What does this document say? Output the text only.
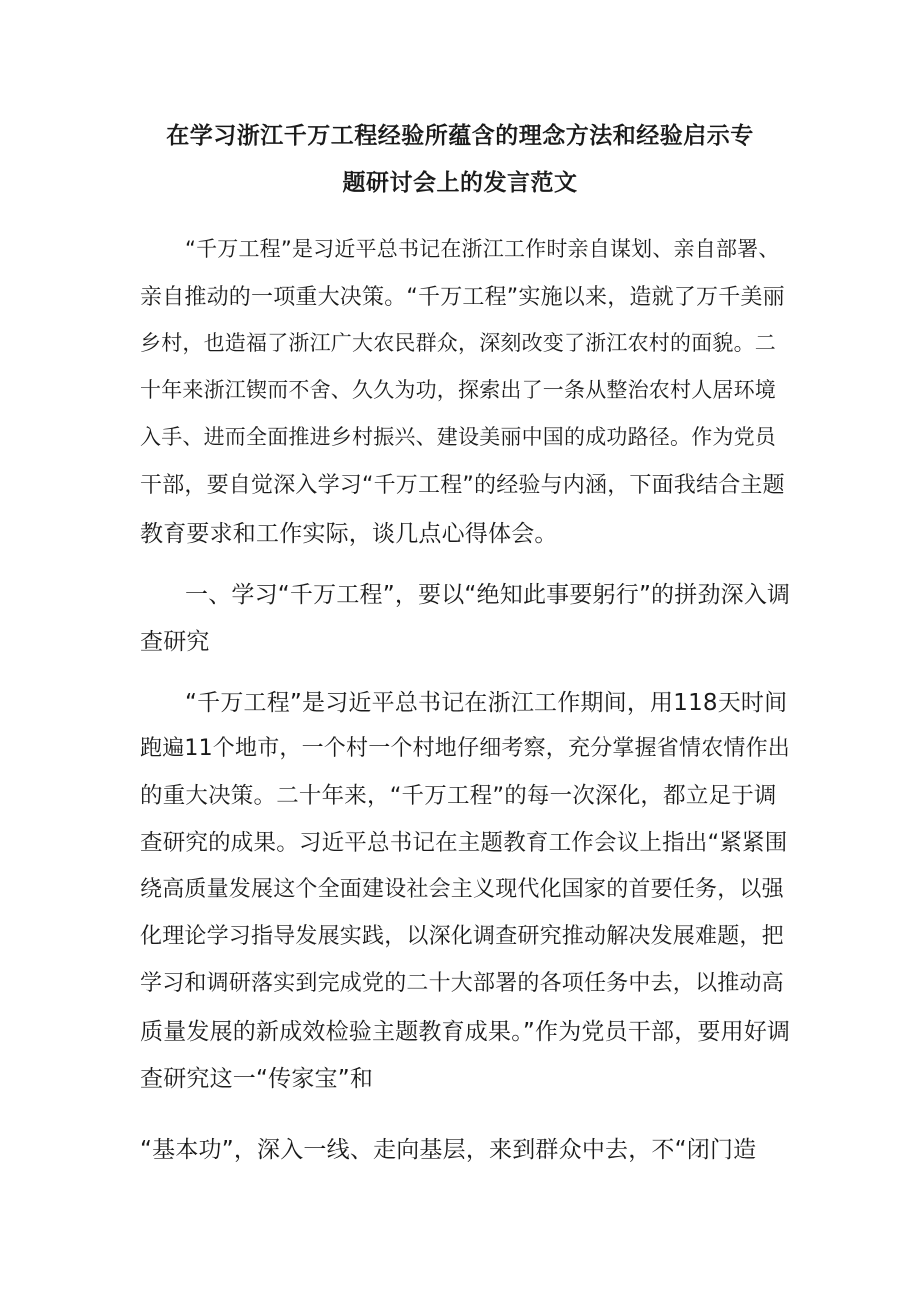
在学习浙江千万工程经验所蕴含的理念方法和经验启示专
题研讨会上的发言范文
“千万工程”是习近平总书记在浙江工作时亲自谋划、亲自部署、
亲自推动的一项重大决策。“千万工程”实施以来，造就了万千美丽
乡村，也造福了浙江广大农民群众，深刻改变了浙江农村的面貌。二
十年来浙江锲而不舍、久久为功，探索出了一条从整治农村人居环境
入手、进而全面推进乡村振兴、建设美丽中国的成功路径。作为党员
干部，要自觉深入学习“千万工程”的经验与内涵，下面我结合主题
教育要求和工作实际，谈几点心得体会。
一、学习“千万工程”，要以“绝知此事要躬行”的拼劲深入调
查研究
“千万工程”是习近平总书记在浙江工作期间，用118天时间
跑遍11个地市，一个村一个村地仔细考察，充分掌握省情农情作出
的重大决策。二十年来，“千万工程”的每一次深化，都立足于调
查研究的成果。习近平总书记在主题教育工作会议上指出“紧紧围
绕高质量发展这个全面建设社会主义现代化国家的首要任务，以强
化理论学习指导发展实践，以深化调查研究推动解决发展难题，把
学习和调研落实到完成党的二十大部署的各项任务中去，以推动高
质量发展的新成效检验主题教育成果。”作为党员干部，要用好调
查研究这一“传家宝”和
“基本功”，深入一线、走向基层，来到群众中去，不“闭门造
